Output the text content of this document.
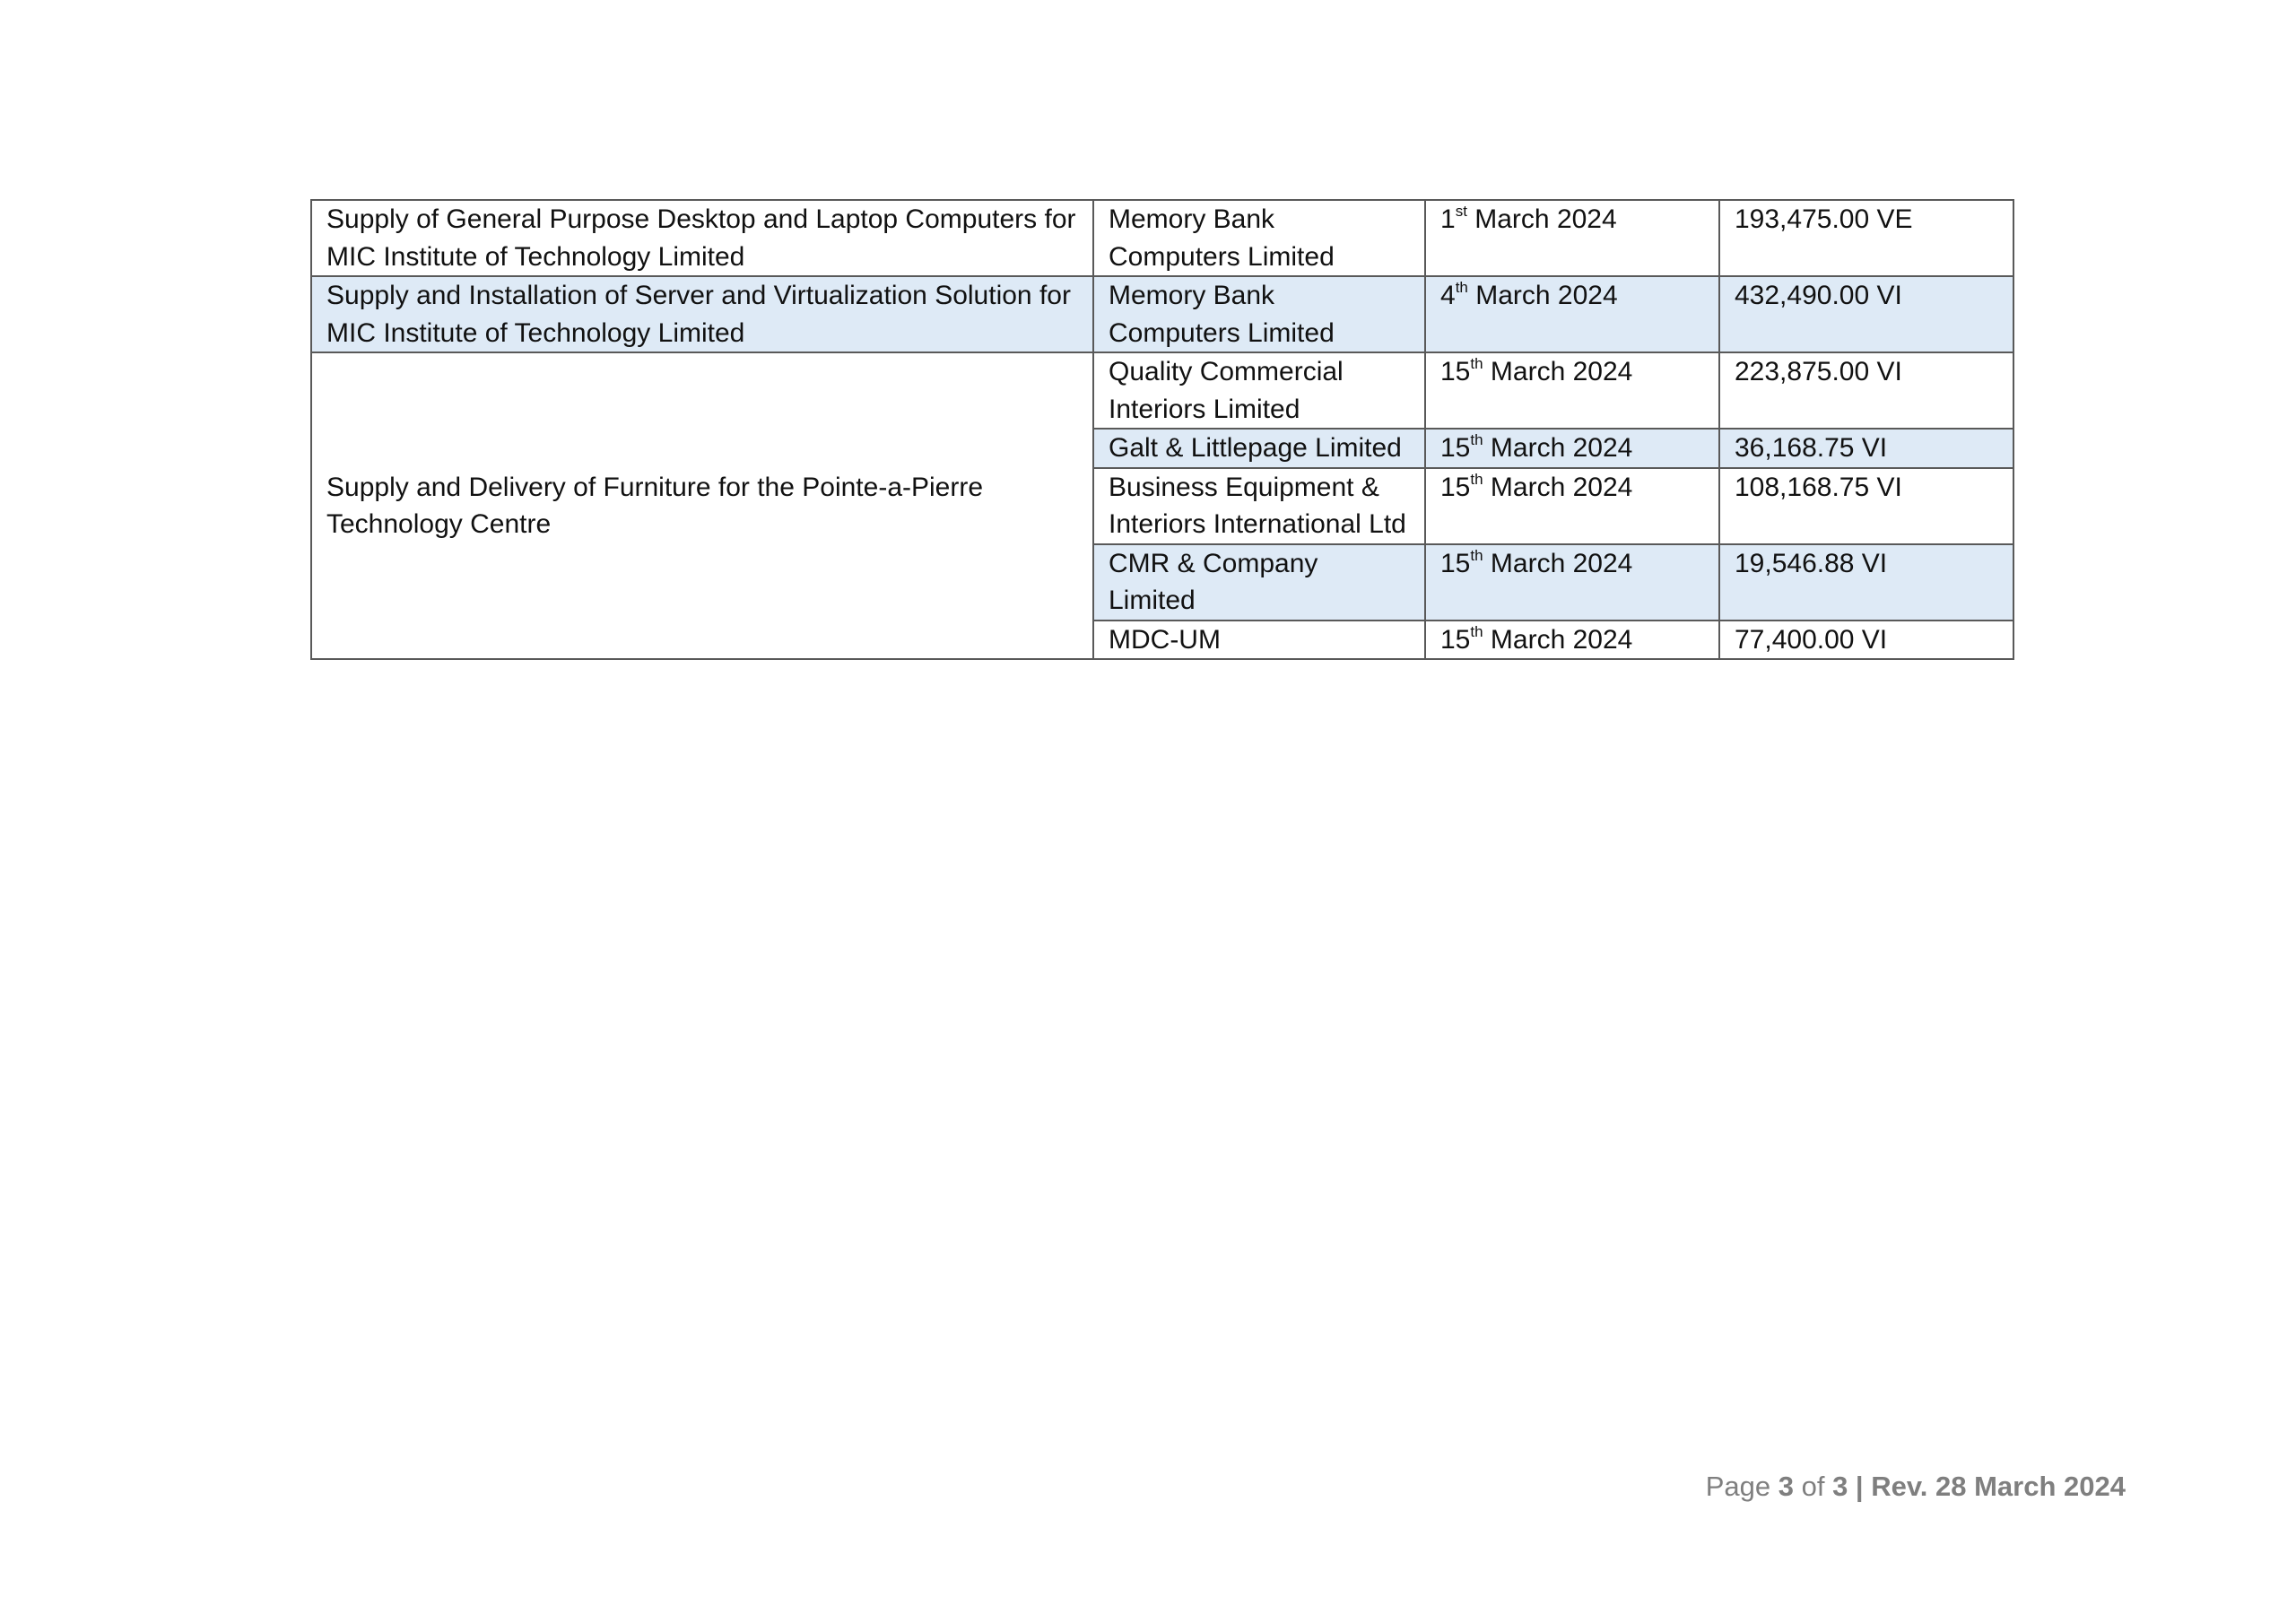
Supply of General Purpose Desktop and Laptop Computers for MIC Institute of Technology Limited	Memory Bank Computers Limited	1st March 2024	193,475.00 VE
Supply and Installation of Server and Virtualization Solution for MIC Institute of Technology Limited	Memory Bank Computers Limited	4th March 2024	432,490.00 VI
Supply and Delivery of Furniture for the Pointe-a-Pierre Technology Centre	Quality Commercial Interiors Limited	15th March 2024	223,875.00 VI
	Galt & Littlepage Limited	15th March 2024	36,168.75 VI
	Business Equipment & Interiors International Ltd	15th March 2024	108,168.75 VI
	CMR & Company Limited	15th March 2024	19,546.88 VI
	MDC-UM	15th March 2024	77,400.00 VI
Page 3 of 3 | Rev. 28 March 2024
